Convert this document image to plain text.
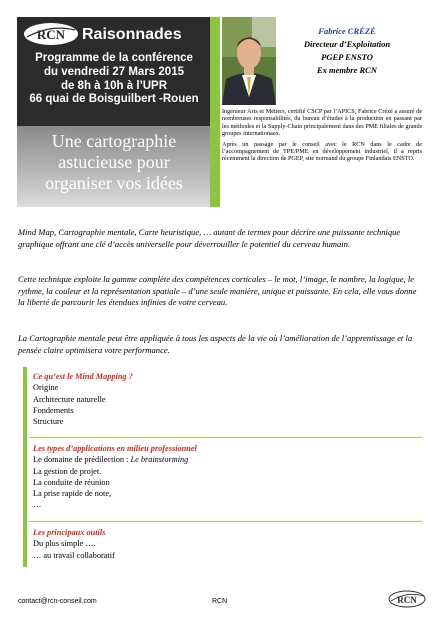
RCN Raisonnades
Programme de la conférence
du vendredi 27 Mars 2015
de 8h à 10h à l’UPR
66 quai de Boisguilbert -Rouen
Une cartographie astucieuse pour organiser vos idées
Fabrice CRÉZÉ
Directeur d’Exploitation
PGEP ENSTO
Ex membre RCN

Ingénieur Arts et Métiers, certifié CSCP par l’APICS, Fabrice Crézé a assuré de nombreuses responsabilités, du bureau d’études à la production en passant par les méthodes et la Supply-Chain principalement dans des PME filiales de grands groupes internationaux.

Après un passage par le conseil avec le RCN dans le cadre de l’accompagnement de TPE/PME en développement industriel, il a repris récemment la direction de PGEP, site normand du groupe Finlandais ENSTO.

Mind Map, Cartographie mentale, Carte heuristique, … autant de termes pour décrire une puissante technique graphique offrant une clé d’accès universelle pour déverrouiller le potentiel du cerveau humain.
Cette technique exploite la gamme complète des compétences corticales – le mot, l’image, le nombre, la logique, le rythme, la couleur et la représentation spatiale – d’une seule manière, unique et puissante. En cela, elle vous donne la liberté de parcourir les étendues infinies de votre cerveau.
La Cartographie mentale peut être appliquée à tous les aspects de la vie où l’amélioration de l’apprentissage et la pensée claire optimisera votre performance.
Ce qu’est le Mind Mapping ?
Origine
Architecture naturelle
Fondements
Structure
Les types d’applications en milieu professionnel
Le domaine de prédilection : Le brainstorming
La gestion de projet.
La conduite de réunion
La prise rapide de note,
…
Les principaux outils
Du plus simple ….
… au travail collaboratif
contact@rcn-conseil.com	RCN	RCN
